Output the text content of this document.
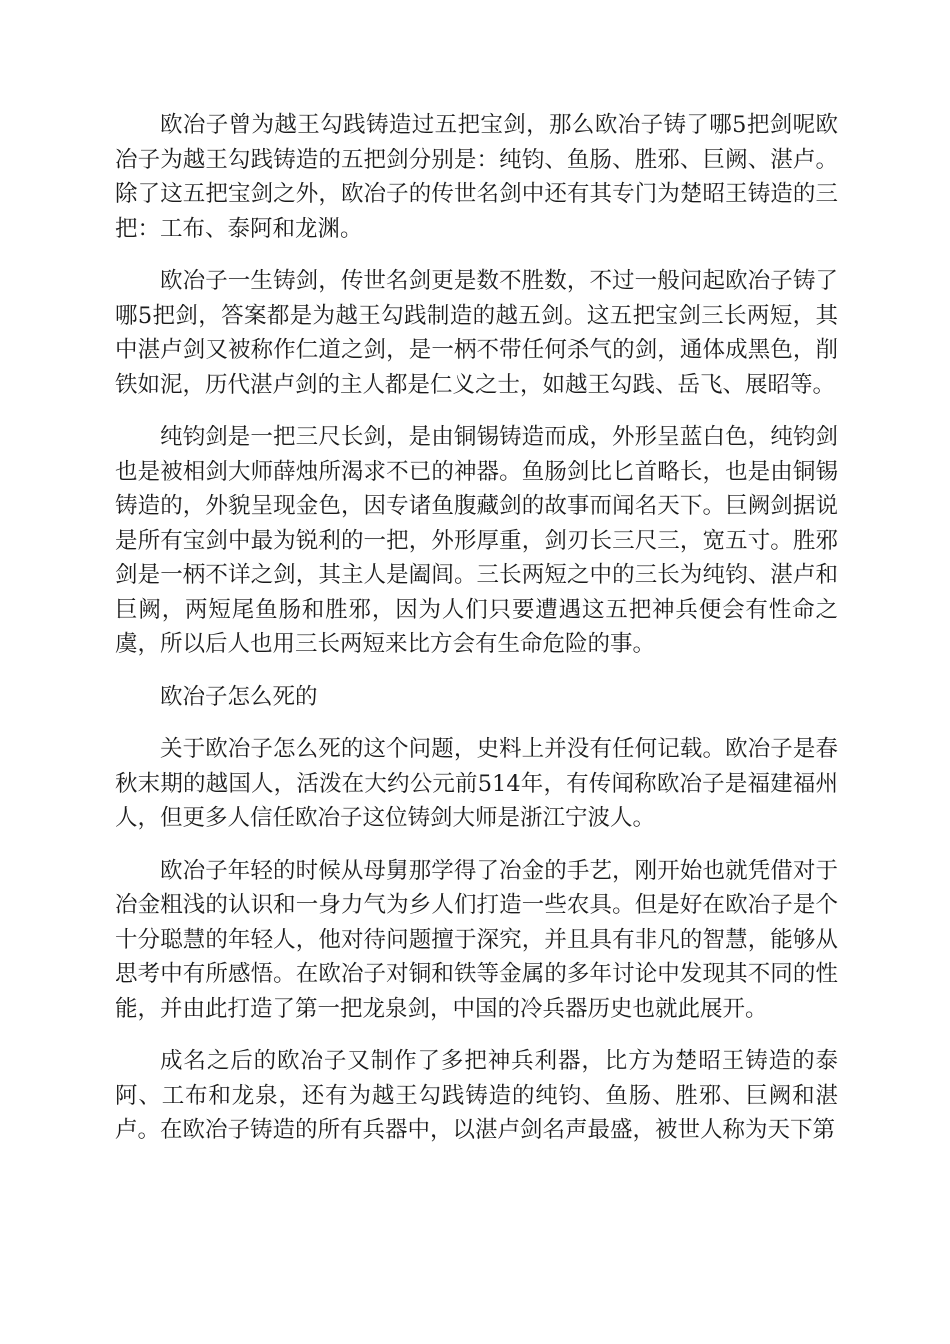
欧冶子曾为越王勾践铸造过五把宝剑，那么欧冶子铸了哪5把剑呢欧冶子为越王勾践铸造的五把剑分别是：纯钧、鱼肠、胜邪、巨阙、湛卢。除了这五把宝剑之外，欧冶子的传世名剑中还有其专门为楚昭王铸造的三把：工布、泰阿和龙渊。

欧冶子一生铸剑，传世名剑更是数不胜数，不过一般问起欧冶子铸了哪5把剑，答案都是为越王勾践制造的越五剑。这五把宝剑三长两短，其中湛卢剑又被称作仁道之剑，是一柄不带任何杀气的剑，通体成黑色，削铁如泥，历代湛卢剑的主人都是仁义之士，如越王勾践、岳飞、展昭等。

纯钧剑是一把三尺长剑，是由铜锡铸造而成，外形呈蓝白色，纯钧剑也是被相剑大师薛烛所渴求不已的神器。鱼肠剑比匕首略长，也是由铜锡铸造的，外貌呈现金色，因专诸鱼腹藏剑的故事而闻名天下。巨阙剑据说是所有宝剑中最为锐利的一把，外形厚重，剑刃长三尺三，宽五寸。胜邪剑是一柄不详之剑，其主人是阖闾。三长两短之中的三长为纯钧、湛卢和巨阙，两短尾鱼肠和胜邪，因为人们只要遭遇这五把神兵便会有性命之虞，所以后人也用三长两短来比方会有生命危险的事。

欧冶子怎么死的

关于欧冶子怎么死的这个问题，史料上并没有任何记载。欧冶子是春秋末期的越国人，活泼在大约公元前514年，有传闻称欧冶子是福建福州人，但更多人信任欧冶子这位铸剑大师是浙江宁波人。

欧冶子年轻的时候从母舅那学得了冶金的手艺，刚开始也就凭借对于冶金粗浅的认识和一身力气为乡人们打造一些农具。但是好在欧冶子是个十分聪慧的年轻人，他对待问题擅于深究，并且具有非凡的智慧，能够从思考中有所感悟。在欧冶子对铜和铁等金属的多年讨论中发现其不同的性能，并由此打造了第一把龙泉剑，中国的冷兵器历史也就此展开。

成名之后的欧冶子又制作了多把神兵利器，比方为楚昭王铸造的泰阿、工布和龙泉，还有为越王勾践铸造的纯钧、鱼肠、胜邪、巨阙和湛卢。在欧冶子铸造的所有兵器中，以湛卢剑名声最盛，被世人称为天下第
